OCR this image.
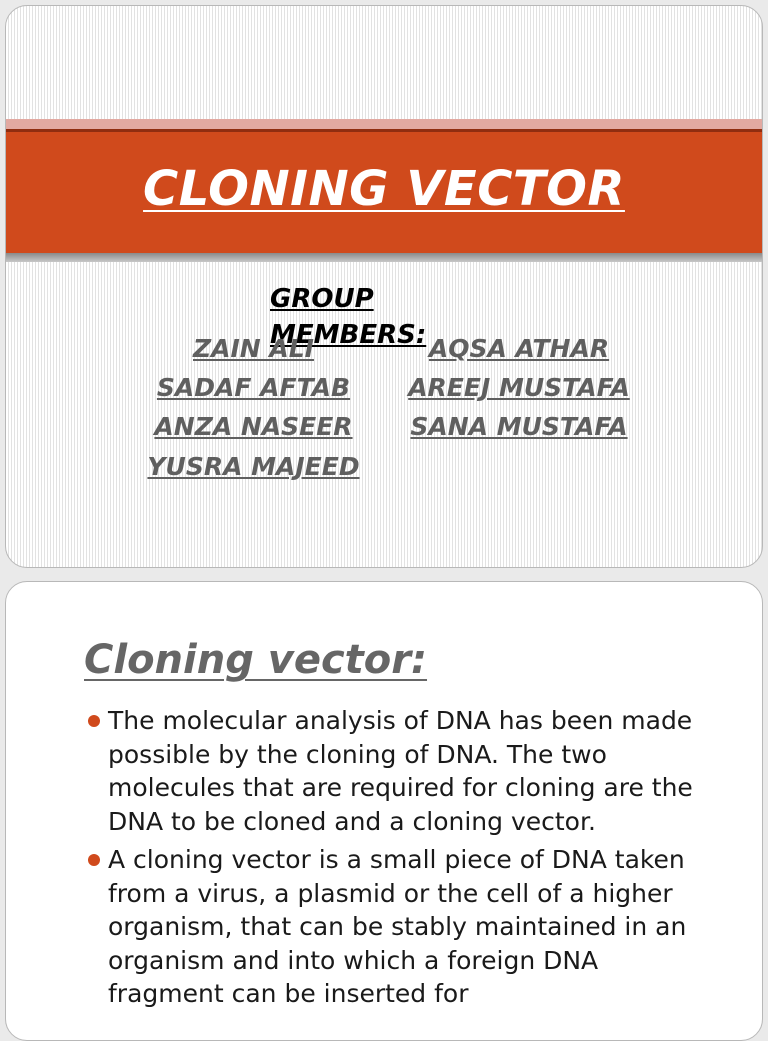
CLONING VECTOR
GROUP MEMBERS:
ZAIN ALI	AQSA ATHAR
SADAF AFTAB	AREEJ MUSTAFA
ANZA NASEER	SANA MUSTAFA
YUSRA MAJEED
Cloning vector:
The molecular analysis of DNA has been made possible by the cloning of DNA. The two molecules that are required for cloning are the DNA to be cloned and a cloning vector.
A cloning vector is a small piece of DNA taken from a virus, a plasmid or the cell of a higher organism, that can be stably maintained in an organism and into which a foreign DNA fragment can be inserted for
